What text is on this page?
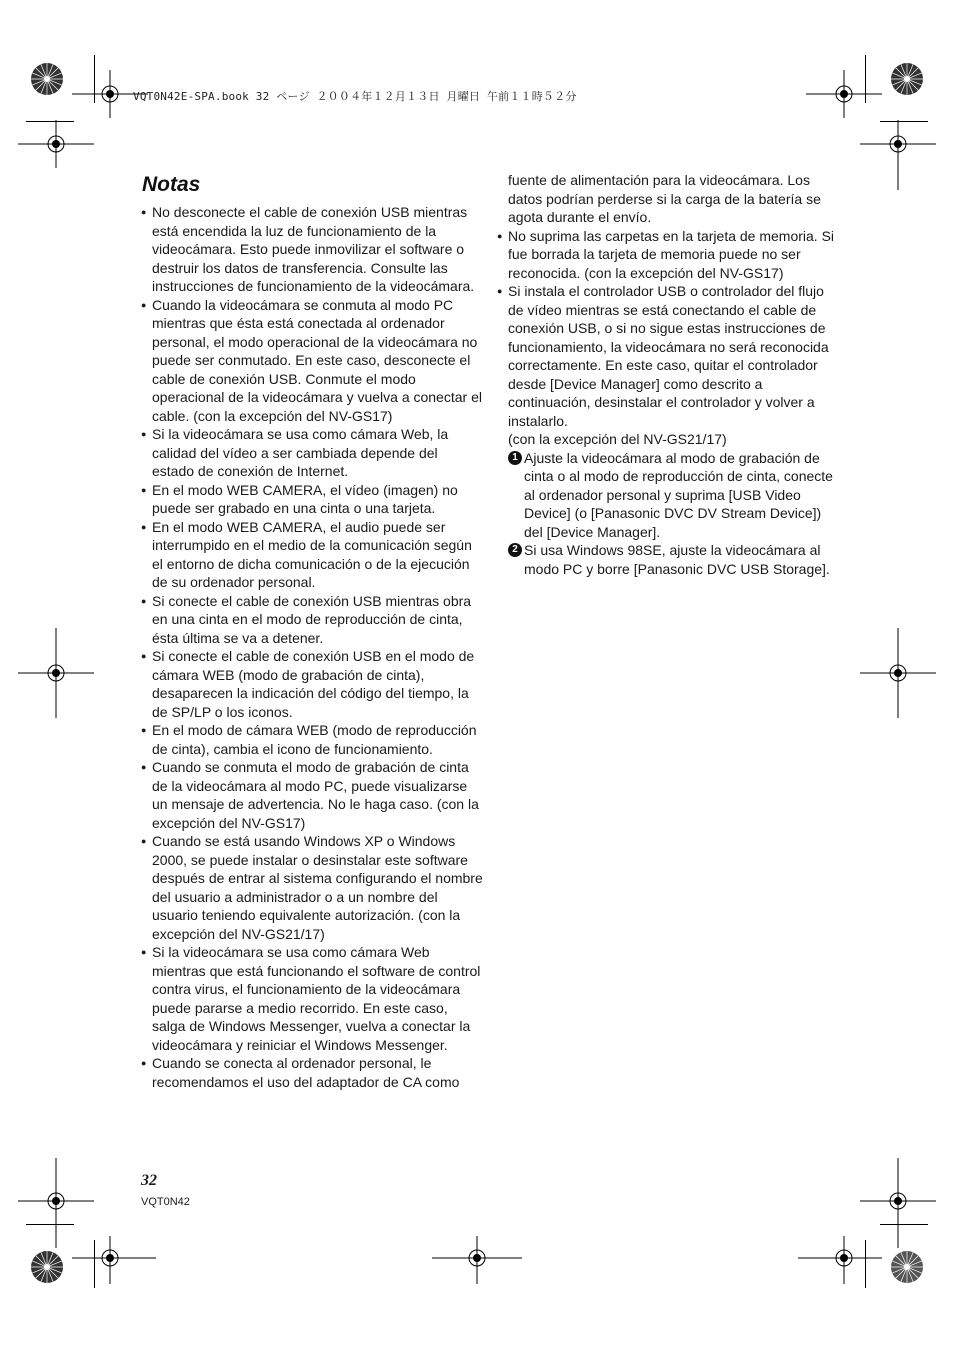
VQT0N42E-SPA.book 32 ページ ２００４年１２月１３日 月曜日 午前１１時５２分
Notas
● No desconecte el cable de conexión USB mientras está encendida la luz de funcionamiento de la videocámara. Esto puede inmovilizar el software o destruir los datos de transferencia. Consulte las instrucciones de funcionamiento de la videocámara.
● Cuando la videocámara se conmuta al modo PC mientras que ésta está conectada al ordenador personal, el modo operacional de la videocámara no puede ser conmutado. En este caso, desconecte el cable de conexión USB. Conmute el modo operacional de la videocámara y vuelva a conectar el cable. (con la excepción del NV-GS17)
● Si la videocámara se usa como cámara Web, la calidad del vídeo a ser cambiada depende del estado de conexión de Internet.
● En el modo WEB CAMERA, el vídeo (imagen) no puede ser grabado en una cinta o una tarjeta.
● En el modo WEB CAMERA, el audio puede ser interrumpido en el medio de la comunicación según el entorno de dicha comunicación o de la ejecución de su ordenador personal.
● Si conecte el cable de conexión USB mientras obra en una cinta en el modo de reproducción de cinta, ésta última se va a detener.
● Si conecte el cable de conexión USB en el modo de cámara WEB (modo de grabación de cinta), desaparecen la indicación del código del tiempo, la de SP/LP o los iconos.
● En el modo de cámara WEB (modo de reproducción de cinta), cambia el icono de funcionamiento.
● Cuando se conmuta el modo de grabación de cinta de la videocámara al modo PC, puede visualizarse un mensaje de advertencia. No le haga caso. (con la excepción del NV-GS17)
● Cuando se está usando Windows XP o Windows 2000, se puede instalar o desinstalar este software después de entrar al sistema configurando el nombre del usuario a administrador o a un nombre del usuario teniendo equivalente autorización. (con la excepción del NV-GS21/17)
● Si la videocámara se usa como cámara Web mientras que está funcionando el software de control contra virus, el funcionamiento de la videocámara puede pararse a medio recorrido. En este caso, salga de Windows Messenger, vuelva a conectar la videocámara y reiniciar el Windows Messenger.
● Cuando se conecta al ordenador personal, le recomendamos el uso del adaptador de CA como
fuente de alimentación para la videocámara. Los datos podrían perderse si la carga de la batería se agota durante el envío.
● No suprima las carpetas en la tarjeta de memoria. Si fue borrada la tarjeta de memoria puede no ser reconocida. (con la excepción del NV-GS17)
● Si instala el controlador USB o controlador del flujo de vídeo mientras se está conectando el cable de conexión USB, o si no sigue estas instrucciones de funcionamiento, la videocámara no será reconocida correctamente. En este caso, quitar el controlador desde [Device Manager] como descrito a continuación, desinstalar el controlador y volver a instalarlo.
(con la excepción del NV-GS21/17)
1 Ajuste la videocámara al modo de grabación de cinta o al modo de reproducción de cinta, conecte al ordenador personal y suprima [USB Video Device] (o [Panasonic DVC DV Stream Device]) del [Device Manager].
2 Si usa Windows 98SE, ajuste la videocámara al modo PC y borre [Panasonic DVC USB Storage].
32
VQT0N42
